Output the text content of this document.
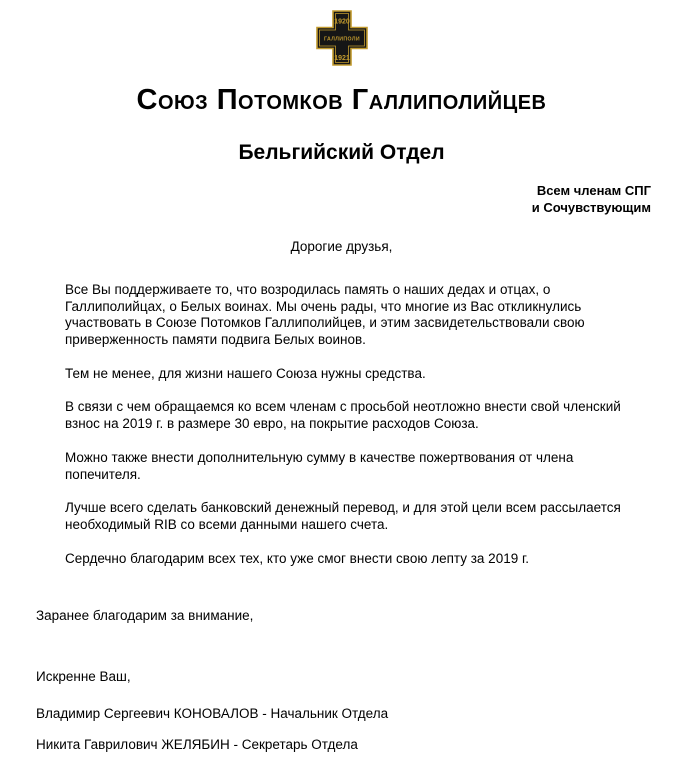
1920
ГАЛЛИПОЛИ
1921
Союз Потомков Галлиполийцев
Бельгийский Отдел
Всем членам СПГ
и Сочувствующим
Дорогие друзья,

Все Вы поддерживаете то, что возродилась память о наших дедах и отцах, о Галлиполийцах, о Белых воинах. Мы очень рады, что многие из Вас откликнулись участвовать в Союзе Потомков Галлиполийцев, и этим засвидетельствовали свою приверженность памяти подвига Белых воинов.

Тем не менее, для жизни нашего Союза нужны средства.

В связи с чем обращаемся ко всем членам с просьбой неотложно внести свой членский взнос на 2019 г. в размере 30 евро, на покрытие расходов Союза.

Можно также внести дополнительную сумму в качестве пожертвования от члена попечителя.

Лучше всего сделать банковский денежный перевод, и для этой цели всем рассылается необходимый RIB со всеми данными нашего счета.

Сердечно благодарим всех тех, кто уже смог внести свою лепту за 2019 г.

Заранее благодарим за внимание,

Искренне Ваш,

Владимир Сергеевич КОНОВАЛОВ - Начальник Отдела

Никита Гаврилович ЖЕЛЯБИН - Секретарь Отдела
